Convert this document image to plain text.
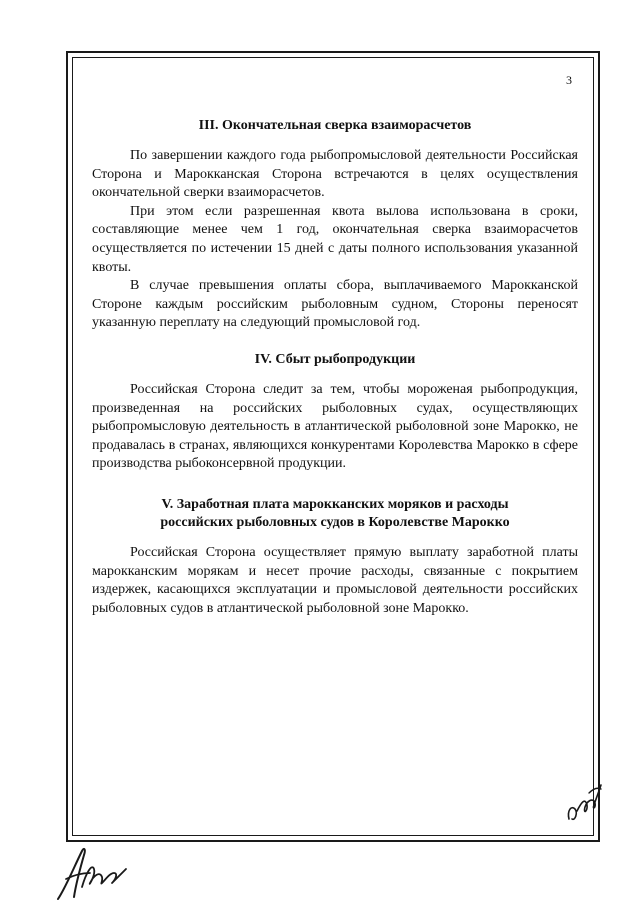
3
III. Окончательная сверка взаиморасчетов

По завершении каждого года рыбопромысловой деятельности Российская Сторона и Марокканская Сторона встречаются в целях осуществления окончательной сверки взаиморасчетов.

При этом если разрешенная квота вылова использована в сроки, составляющие менее чем 1 год, окончательная сверка взаиморасчетов осуществляется по истечении 15 дней с даты полного использования указанной квоты.

В случае превышения оплаты сбора, выплачиваемого Марокканской Стороне каждым российским рыболовным судном, Стороны переносят указанную переплату на следующий промысловой год.

IV. Сбыт рыбопродукции

Российская Сторона следит за тем, чтобы мороженая рыбопродукция, произведенная на российских рыболовных судах, осуществляющих рыбопромысловую деятельность в атлантической рыболовной зоне Марокко, не продавалась в странах, являющихся конкурентами Королевства Марокко в сфере производства рыбоконсервной продукции.

V. Заработная плата марокканских моряков и расходы
российских рыболовных судов в Королевстве Марокко

Российская Сторона осуществляет прямую выплату заработной платы марокканским морякам и несет прочие расходы, связанные с покрытием издержек, касающихся эксплуатации и промысловой деятельности российских рыболовных судов в атлантической рыболовной зоне Марокко.
